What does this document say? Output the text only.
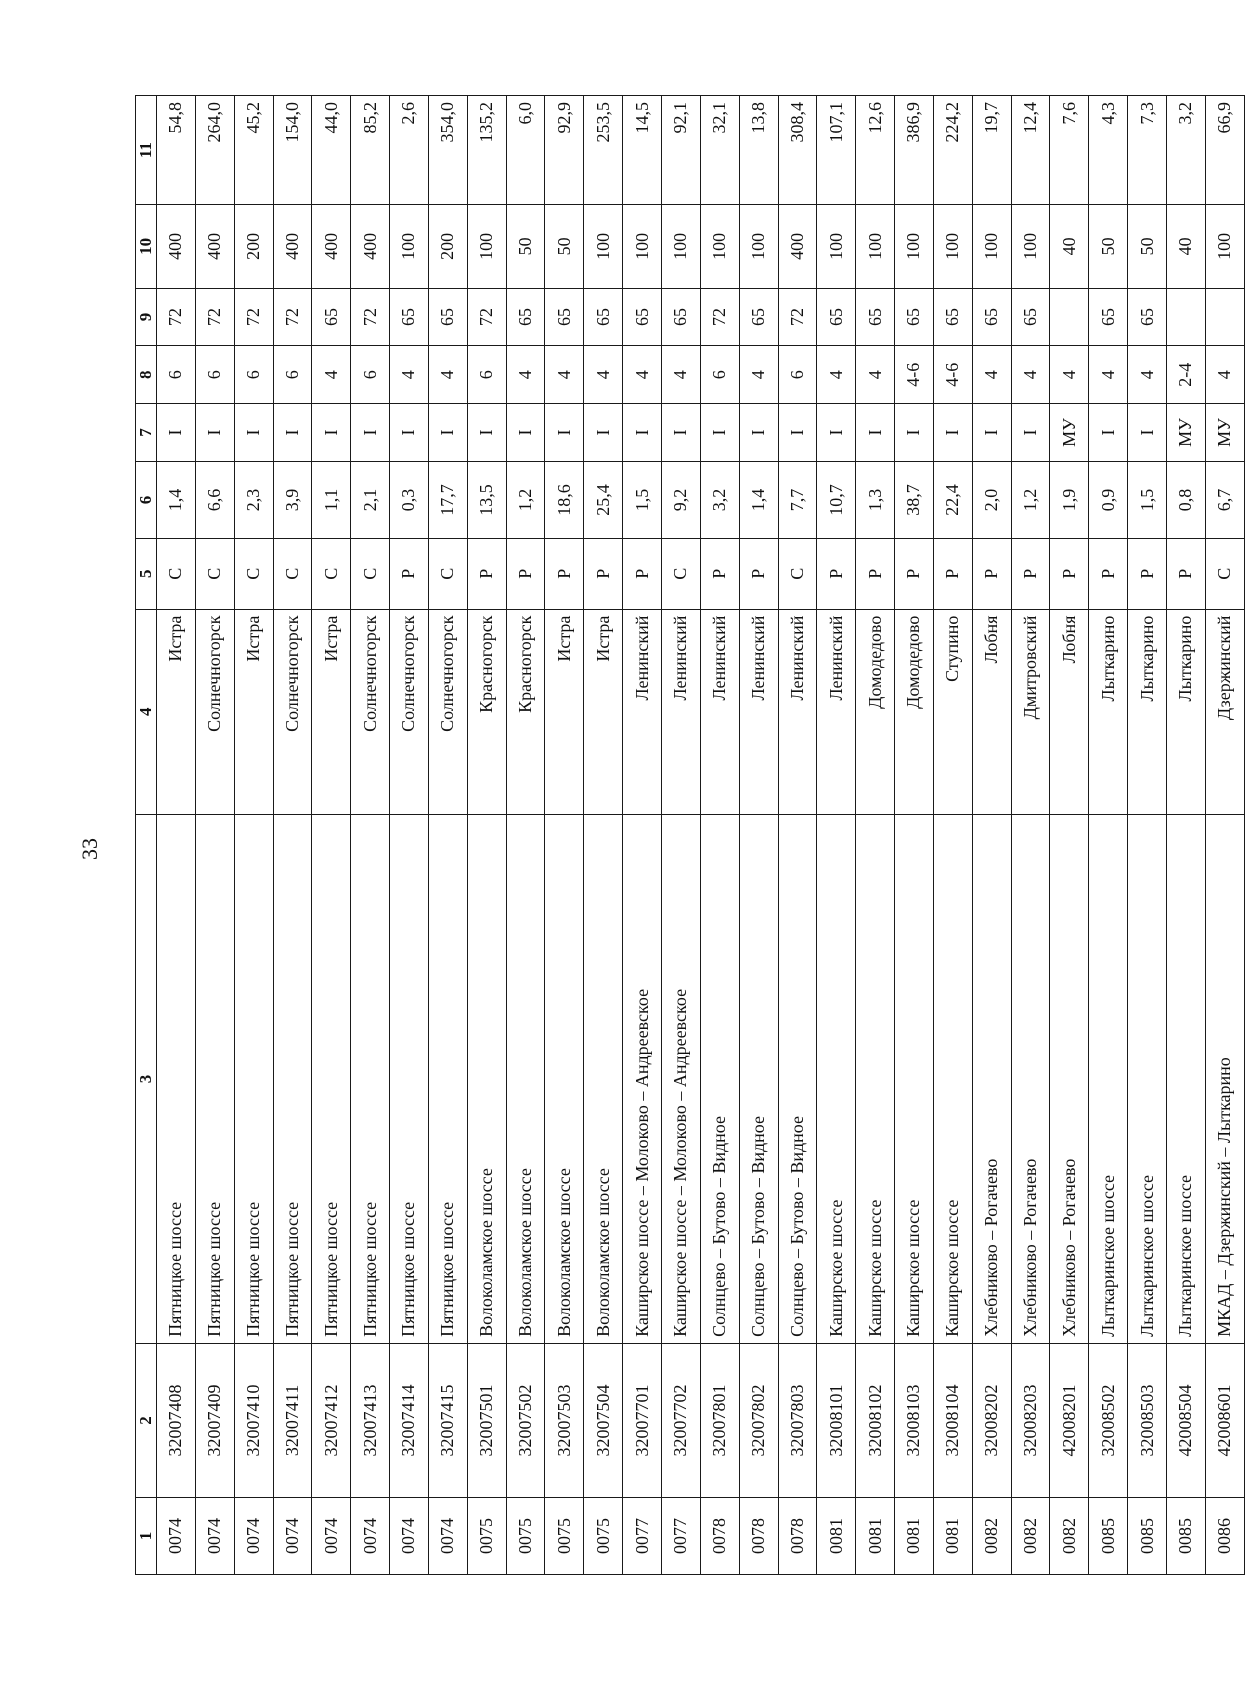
33
1	2	3	4	5	6	7	8	9	10	11
0074	32007408	Пятницкое шоссе	Истра	С	1,4	I	6	72	400	54,8
0074	32007409	Пятницкое шоссе	Солнечногорск	С	6,6	I	6	72	400	264,0
0074	32007410	Пятницкое шоссе	Истра	С	2,3	I	6	72	200	45,2
0074	32007411	Пятницкое шоссе	Солнечногорск	С	3,9	I	6	72	400	154,0
0074	32007412	Пятницкое шоссе	Истра	С	1,1	I	4	65	400	44,0
0074	32007413	Пятницкое шоссе	Солнечногорск	С	2,1	I	6	72	400	85,2
0074	32007414	Пятницкое шоссе	Солнечногорск	Р	0,3	I	4	65	100	2,6
0074	32007415	Пятницкое шоссе	Солнечногорск	С	17,7	I	4	65	200	354,0
0075	32007501	Волоколамское шоссе	Красногорск	Р	13,5	I	6	72	100	135,2
0075	32007502	Волоколамское шоссе	Красногорск	Р	1,2	I	4	65	50	6,0
0075	32007503	Волоколамское шоссе	Истра	Р	18,6	I	4	65	50	92,9
0075	32007504	Волоколамское шоссе	Истра	Р	25,4	I	4	65	100	253,5
0077	32007701	Каширское шоссе – Молоково – Андреевское	Ленинский	Р	1,5	I	4	65	100	14,5
0077	32007702	Каширское шоссе – Молоково – Андреевское	Ленинский	С	9,2	I	4	65	100	92,1
0078	32007801	Солнцево – Бутово – Видное	Ленинский	Р	3,2	I	6	72	100	32,1
0078	32007802	Солнцево – Бутово – Видное	Ленинский	Р	1,4	I	4	65	100	13,8
0078	32007803	Солнцево – Бутово – Видное	Ленинский	С	7,7	I	6	72	400	308,4
0081	32008101	Каширское шоссе	Ленинский	Р	10,7	I	4	65	100	107,1
0081	32008102	Каширское шоссе	Домодедово	Р	1,3	I	4	65	100	12,6
0081	32008103	Каширское шоссе	Домодедово	Р	38,7	I	4-6	65	100	386,9
0081	32008104	Каширское шоссе	Ступино	Р	22,4	I	4-6	65	100	224,2
0082	32008202	Хлебниково – Рогачево	Лобня	Р	2,0	I	4	65	100	19,7
0082	32008203	Хлебниково – Рогачево	Дмитровский	Р	1,2	I	4	65	100	12,4
0082	42008201	Хлебниково – Рогачево	Лобня	Р	1,9	МУ	4		40	7,6
0085	32008502	Лыткаринское шоссе	Лыткарино	Р	0,9	I	4	65	50	4,3
0085	32008503	Лыткаринское шоссе	Лыткарино	Р	1,5	I	4	65	50	7,3
0085	42008504	Лыткаринское шоссе	Лыткарино	Р	0,8	МУ	2-4		40	3,2
0086	42008601	МКАД – Дзержинский – Лыткарино	Дзержинский	С	6,7	МУ	4		100	66,9
